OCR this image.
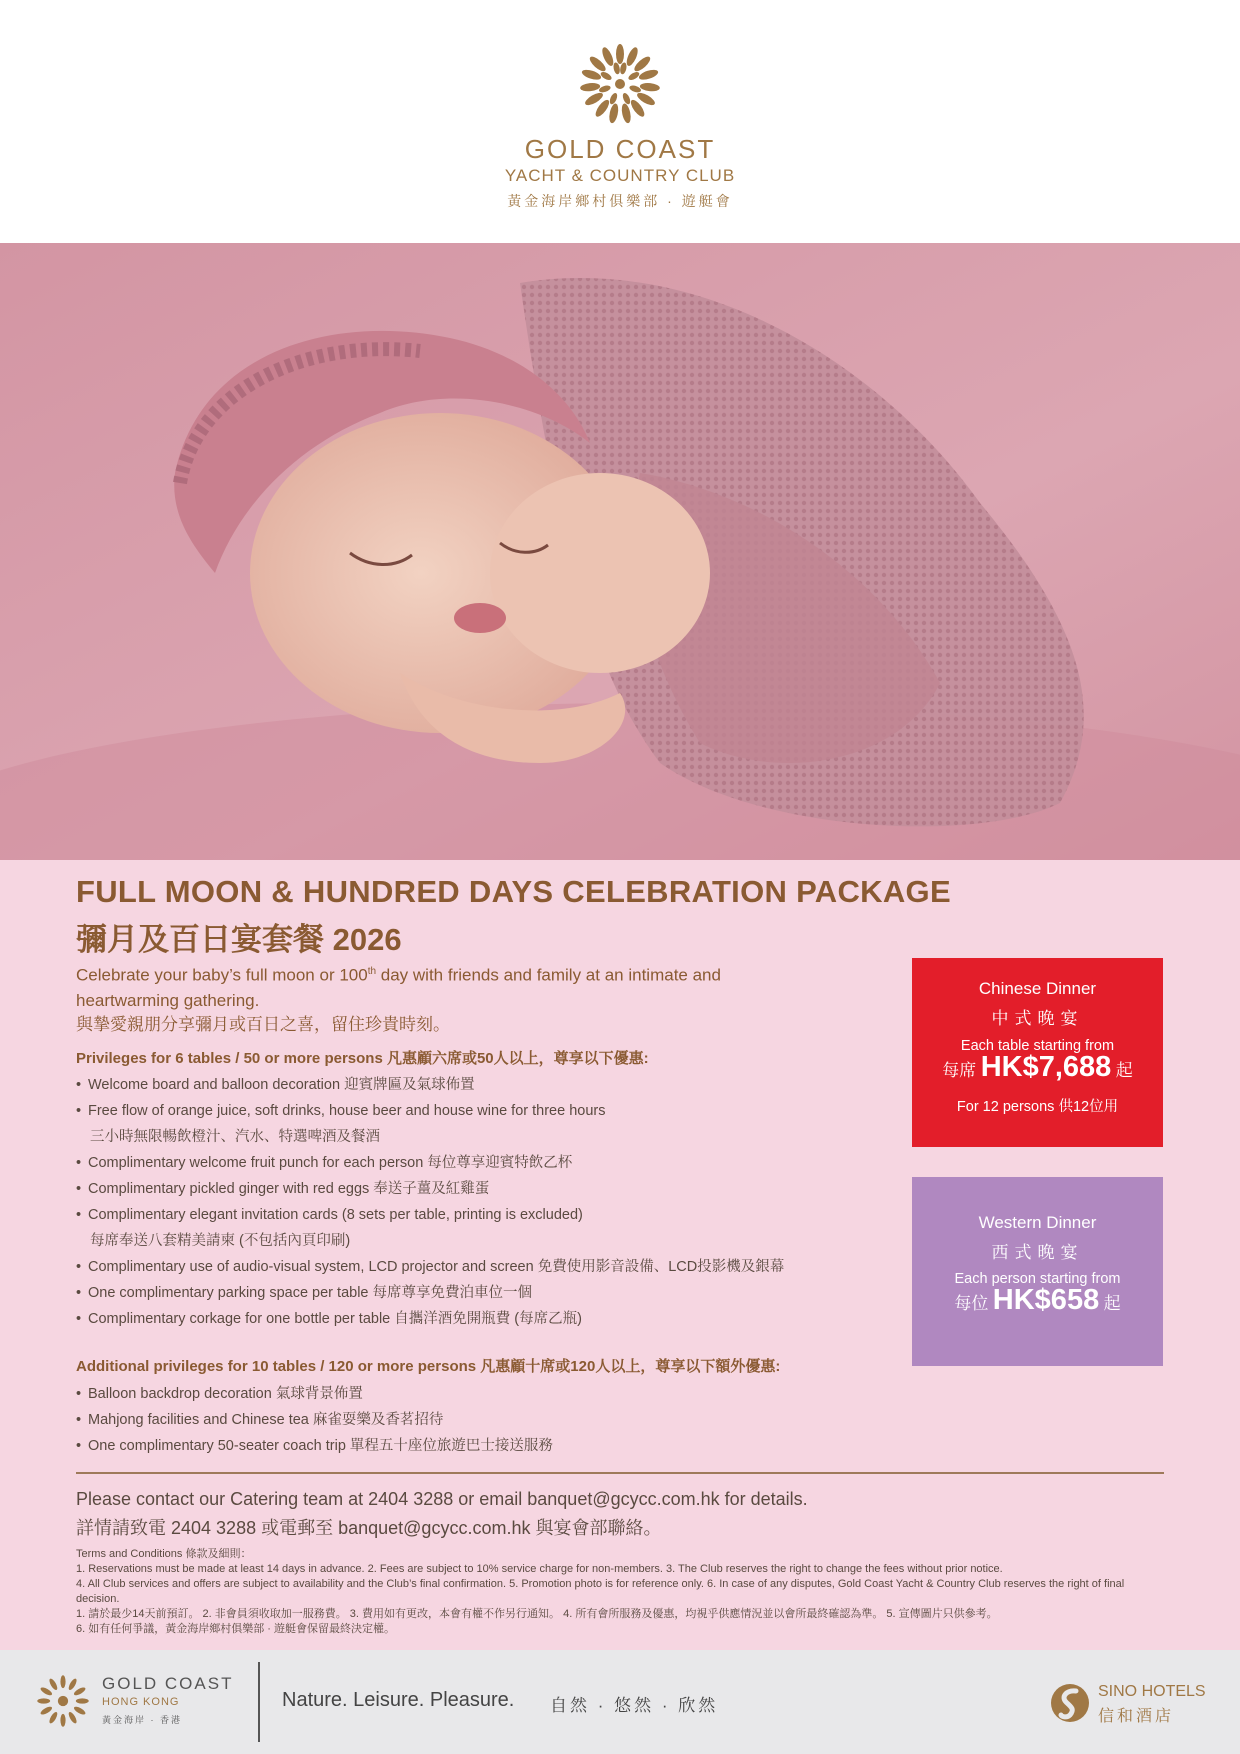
GOLD COAST
YACHT & COUNTRY CLUB
黃金海岸鄉村俱樂部 · 遊艇會
FULL MOON & HUNDRED DAYS CELEBRATION PACKAGE
彌月及百日宴套餐 2026
Celebrate your baby’s full moon or 100th day with friends and family at an intimate and heartwarming gathering.
與摯愛親朋分享彌月或百日之喜，留住珍貴時刻。
Privileges for 6 tables / 50 or more persons 凡惠顧六席或50人以上，尊享以下優惠:
• Welcome board and balloon decoration 迎賓牌匾及氣球佈置
• Free flow of orange juice, soft drinks, house beer and house wine for three hours
三小時無限暢飲橙汁、汽水、特選啤酒及餐酒
• Complimentary welcome fruit punch for each person 每位尊享迎賓特飲乙杯
• Complimentary pickled ginger with red eggs 奉送子薑及紅雞蛋
• Complimentary elegant invitation cards (8 sets per table, printing is excluded)
每席奉送八套精美請柬 (不包括內頁印刷)
• Complimentary use of audio-visual system, LCD projector and screen 免費使用影音設備、LCD投影機及銀幕
• One complimentary parking space per table 每席尊享免費泊車位一個
• Complimentary corkage for one bottle per table 自攜洋酒免開瓶費 (每席乙瓶)
Additional privileges for 10 tables / 120 or more persons 凡惠顧十席或120人以上，尊享以下額外優惠:
• Balloon backdrop decoration 氣球背景佈置
• Mahjong facilities and Chinese tea 麻雀耍樂及香茗招待
• One complimentary 50-seater coach trip 單程五十座位旅遊巴士接送服務
Chinese Dinner
中式晚宴
Each table starting from
每席 HK$7,688 起
For 12 persons 供12位用
Western Dinner
西式晚宴
Each person starting from
每位 HK$658 起
Please contact our Catering team at 2404 3288 or email banquet@gcycc.com.hk for details.
詳情請致電 2404 3288 或電郵至 banquet@gcycc.com.hk 與宴會部聯絡。
Terms and Conditions 條款及細則：
1. Reservations must be made at least 14 days in advance. 2. Fees are subject to 10% service charge for non-members. 3. The Club reserves the right to change the fees without prior notice.
4. All Club services and offers are subject to availability and the Club’s final confirmation. 5. Promotion photo is for reference only. 6. In case of any disputes, Gold Coast Yacht & Country Club reserves the right of final decision.
1. 請於最少14天前預訂。 2. 非會員須收取加一服務費。 3. 費用如有更改，本會有權不作另行通知。 4. 所有會所服務及優惠，均視乎供應情況並以會所最終確認為準。 5. 宣傳圖片只供參考。
6. 如有任何爭議，黃金海岸鄉村俱樂部 · 遊艇會保留最終決定權。
GOLD COAST
HONG KONG
黃金海岸 · 香港
Nature. Leisure. Pleasure. 自然 · 悠然 · 欣然
SINO HOTELS
信和酒店
